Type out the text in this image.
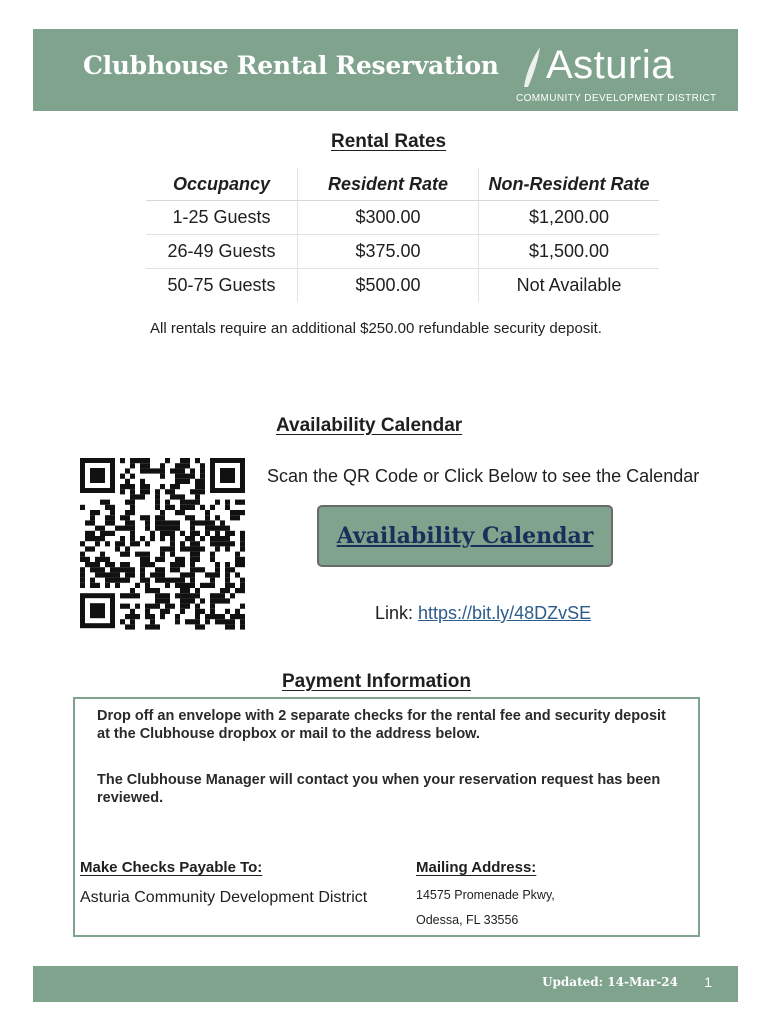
Clubhouse Rental Reservation Asturia
COMMUNITY DEVELOPMENT DISTRICT
Rental Rates
Occupancy	Resident Rate	Non-Resident Rate
1-25 Guests	$300.00	$1,200.00
26-49 Guests	$375.00	$1,500.00
50-75 Guests	$500.00	Not Available
All rentals require an additional $250.00 refundable security deposit.
Availability Calendar
Scan the QR Code or Click Below to see the Calendar
Availability Calendar
Link: https://bit.ly/48DZvSE
Payment Information
Drop off an envelope with 2 separate checks for the rental fee and security deposit at the Clubhouse dropbox or mail to the address below.
The Clubhouse Manager will contact you when your reservation request has been reviewed.
Make Checks Payable To:
Asturia Community Development District
Mailing Address:
14575 Promenade Pkwy,
Odessa, FL 33556
Updated: 14-Mar-24 1
